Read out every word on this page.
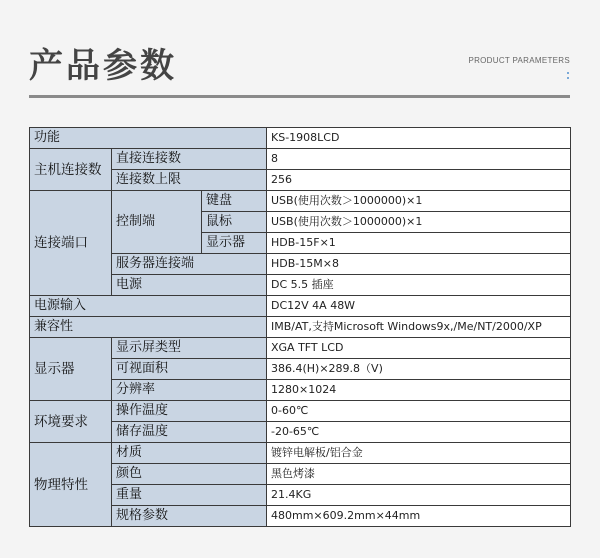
产品参数	PRODUCT PARAMETERS
功能			KS-1908LCD
主机连接数	直接连接数		8
	连接数上限		256
连接端口	控制端	键盘	USB(使用次数＞1000000)×1
		鼠标	USB(使用次数＞1000000)×1
		显示器	HDB-15F×1
	服务器连接端		HDB-15M×8
	电源		DC 5.5 插座
电源输入			DC12V 4A 48W
兼容性			IMB/AT,支持Microsoft Windows9x,/Me/NT/2000/XP
显示器	显示屏类型		XGA TFT LCD
	可视面积		386.4(H)×289.8（V)
	分辨率		1280×1024
环境要求	操作温度		0-60℃
	储存温度		-20-65℃
物理特性	材质		镀锌电解板/铝合金
	颜色		黑色烤漆
	重量		21.4KG
	规格参数		480mm×609.2mm×44mm
